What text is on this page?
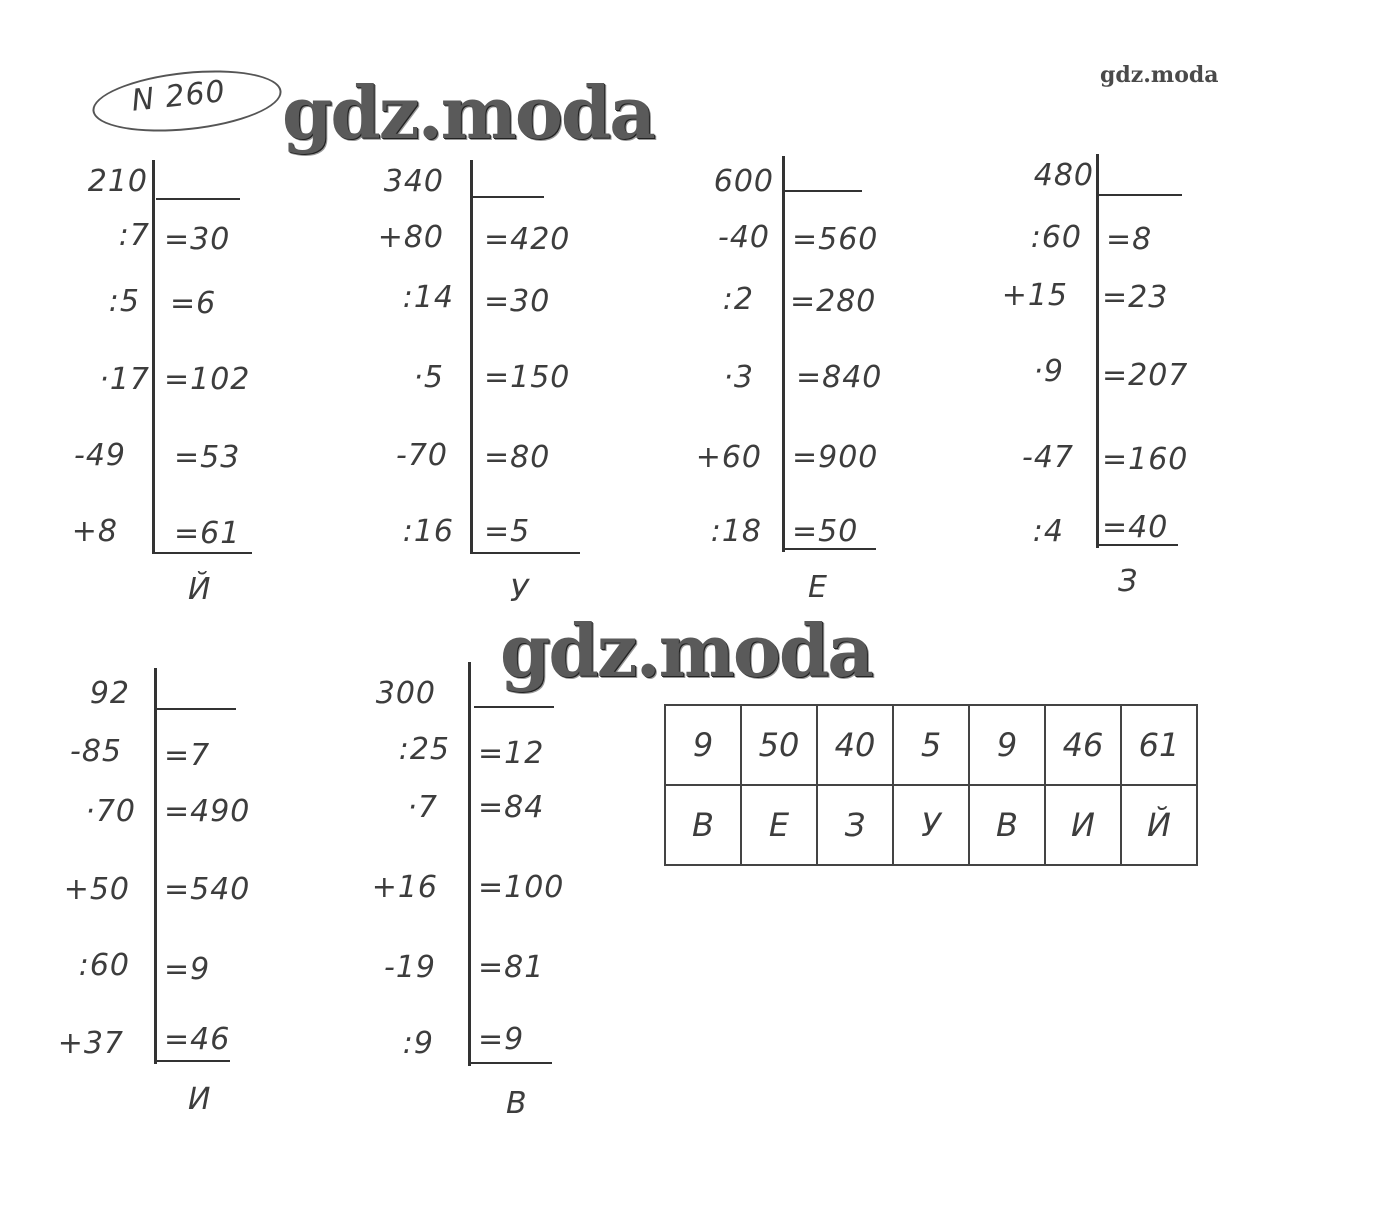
N 260 gdz.moda
gdz.moda
gdz.moda
210
:7 =30
:5 =6
·17 =102
-49 =53
+8 =61
Й
340
+80 =420
:14 =30
·5 =150
-70 =80
:16 =5
У
600
-40 =560
:2 =280
·3 =840
+60 =900
:18 =50
Е
480
:60 =8
+15 =23
·9 =207
-47 =160
:4 =40
З
92
-85 =7
·70 =490
+50 =540
:60 =9
+37 =46
И
300
:25 =12
·7 =84
+16 =100
-19 =81
:9 =9
В
9	50	40	5	9	46	61
В	Е	З	У	В	И	Й
